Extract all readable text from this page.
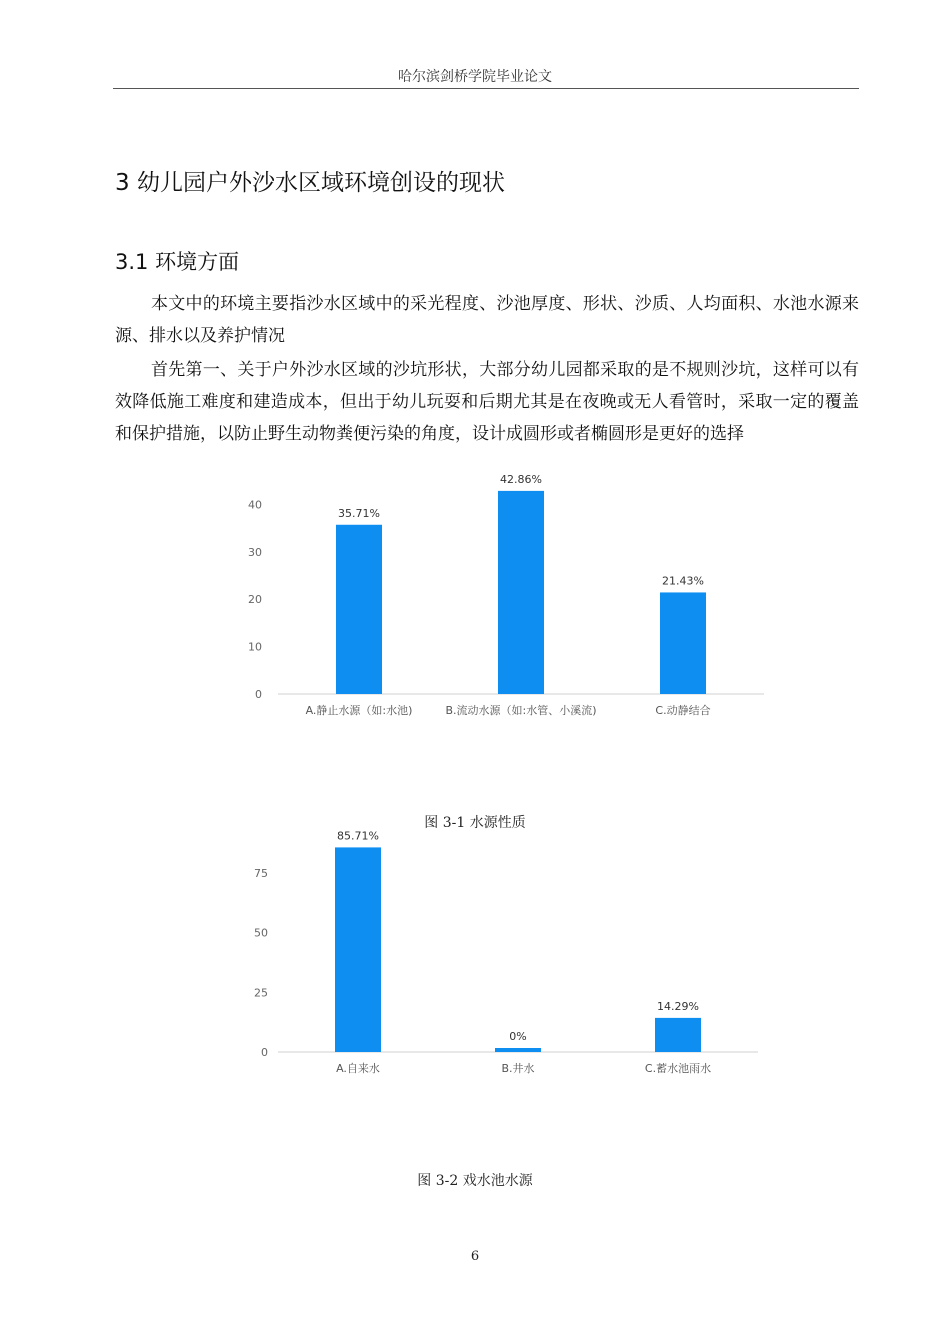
哈尔滨剑桥学院毕业论文
3 幼儿园户外沙水区域环境创设的现状
3.1 环境方面

本文中的环境主要指沙水区域中的采光程度、沙池厚度、形状、沙质、人均面积、水池水源来源、排水以及养护情况

首先第一、关于户外沙水区域的沙坑形状，大部分幼儿园都采取的是不规则沙坑，这样可以有效降低施工难度和建造成本，但出于幼儿玩耍和后期尤其是在夜晚或无人看管时，采取一定的覆盖和保护措施，以防止野生动物粪便污染的角度，设计成圆形或者椭圆形是更好的选择

0
10
20
30
40
35.71%
A.静止水源（如:水池)
42.86%
B.流动水源（如:水管、小溪流)
21.43%
C.动静结合
图 3-1 水源性质
0
25
50
75
85.71%
A.自来水
0%
B.井水
14.29%
C.蓄水池雨水
图 3-2 戏水池水源
6
